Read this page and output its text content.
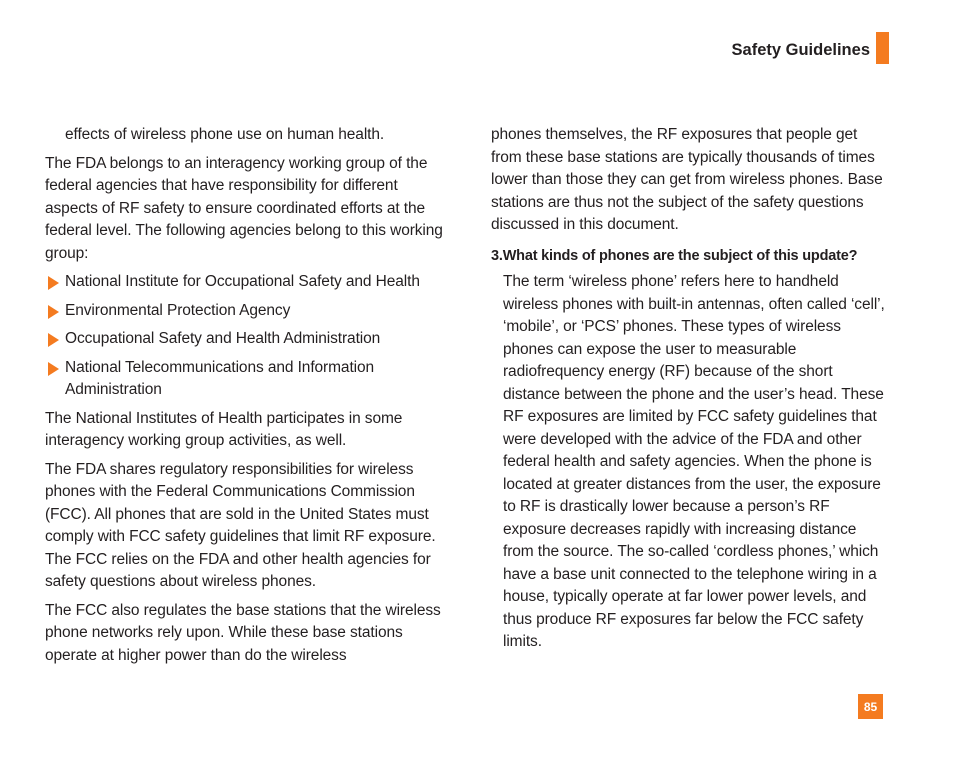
Safety Guidelines

effects of wireless phone use on human health.

The FDA belongs to an interagency working group of the federal agencies that have responsibility for different aspects of RF safety to ensure coordinated efforts at the federal level. The following agencies belong to this working group:

National Institute for Occupational Safety and Health
Environmental Protection Agency
Occupational Safety and Health Administration
National Telecommunications and Information Administration

The National Institutes of Health participates in some interagency working group activities, as well.

The FDA shares regulatory responsibilities for wireless phones with the Federal Communications Commission (FCC). All phones that are sold in the United States must comply with FCC safety guidelines that limit RF exposure. The FCC relies on the FDA and other health agencies for safety questions about wireless phones.

The FCC also regulates the base stations that the wireless phone networks rely upon. While these base stations operate at higher power than do the wireless

phones themselves, the RF exposures that people get from these base stations are typically thousands of times lower than those they can get from wireless phones. Base stations are thus not the subject of the safety questions discussed in this document.

3.What kinds of phones are the subject of this update?

The term ‘wireless phone’ refers here to handheld wireless phones with built-in antennas, often called ‘cell’, ‘mobile’, or ‘PCS’ phones. These types of wireless phones can expose the user to measurable radiofrequency energy (RF) because of the short distance between the phone and the user’s head. These RF exposures are limited by FCC safety guidelines that were developed with the advice of the FDA and other federal health and safety agencies. When the phone is located at greater distances from the user, the exposure to RF is drastically lower because a person’s RF exposure decreases rapidly with increasing distance from the source. The so-called ‘cordless phones,’ which have a base unit connected to the telephone wiring in a house, typically operate at far lower power levels, and thus produce RF exposures far below the FCC safety limits.

85
